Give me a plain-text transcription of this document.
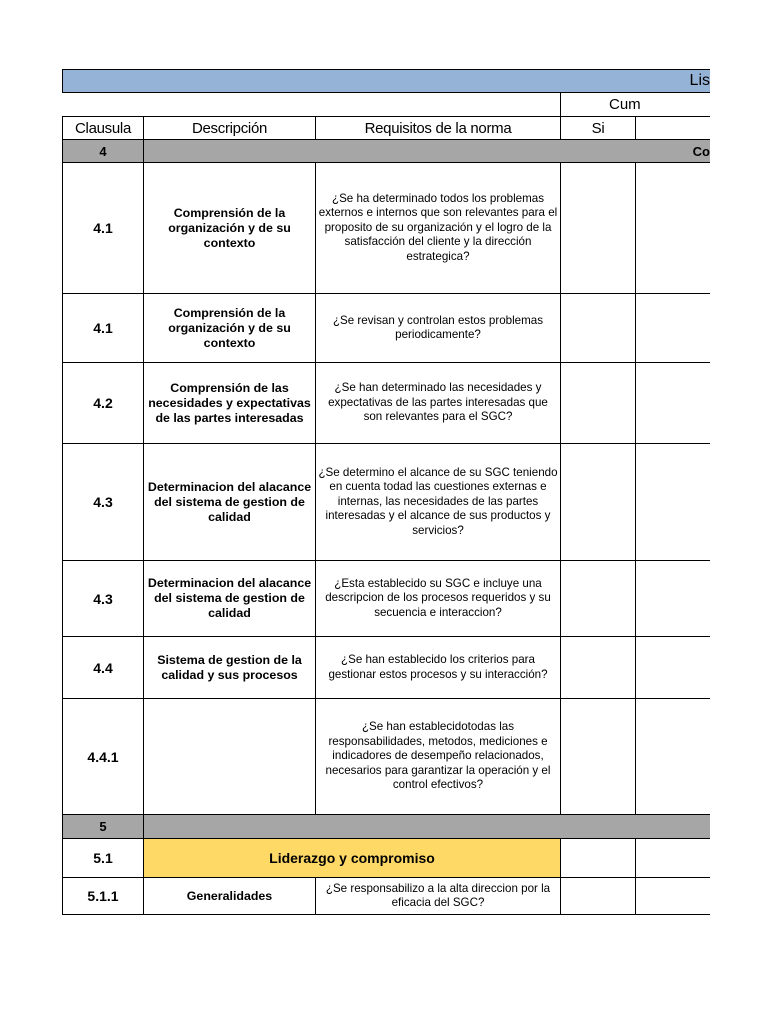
Lis				
			Cum	
Clausula	Descripción	Requisitos de la norma	Si	
4	Co			
4.1	Comprensión de la organización y de su contexto	¿Se ha determinado todos los problemas externos e internos que son relevantes para el proposito de su organización y el logro de la satisfacción del cliente y la dirección estrategica?		
4.1	Comprensión de la organización y de su contexto	¿Se revisan y controlan estos problemas periodicamente?		
4.2	Comprensión de las necesidades y expectativas de las partes interesadas	¿Se han determinado las necesidades y expectativas de las partes interesadas que son relevantes para el SGC?		
4.3	Determinacion del alacance del sistema de gestion de calidad	¿Se determino el alcance de su SGC teniendo en cuenta todad las cuestiones externas e internas, las necesidades de las partes interesadas y el alcance de sus productos y servicios?		
4.3	Determinacion del alacance del sistema de gestion de calidad	¿Esta establecido su SGC e incluye una descripcion de los procesos requeridos y su secuencia e interaccion?		
4.4	Sistema de gestion de la calidad y sus procesos	¿Se han establecido los criterios para gestionar estos procesos y su interacción?		
4.4.1		¿Se han establecidotodas las responsabilidades, metodos, mediciones e indicadores de desempeño relacionados, necesarios para garantizar la operación y el control efectivos?		
5				
5.1	Liderazgo y compromiso			
5.1.1	Generalidades	¿Se responsabilizo a la alta direccion por la eficacia del SGC?		
